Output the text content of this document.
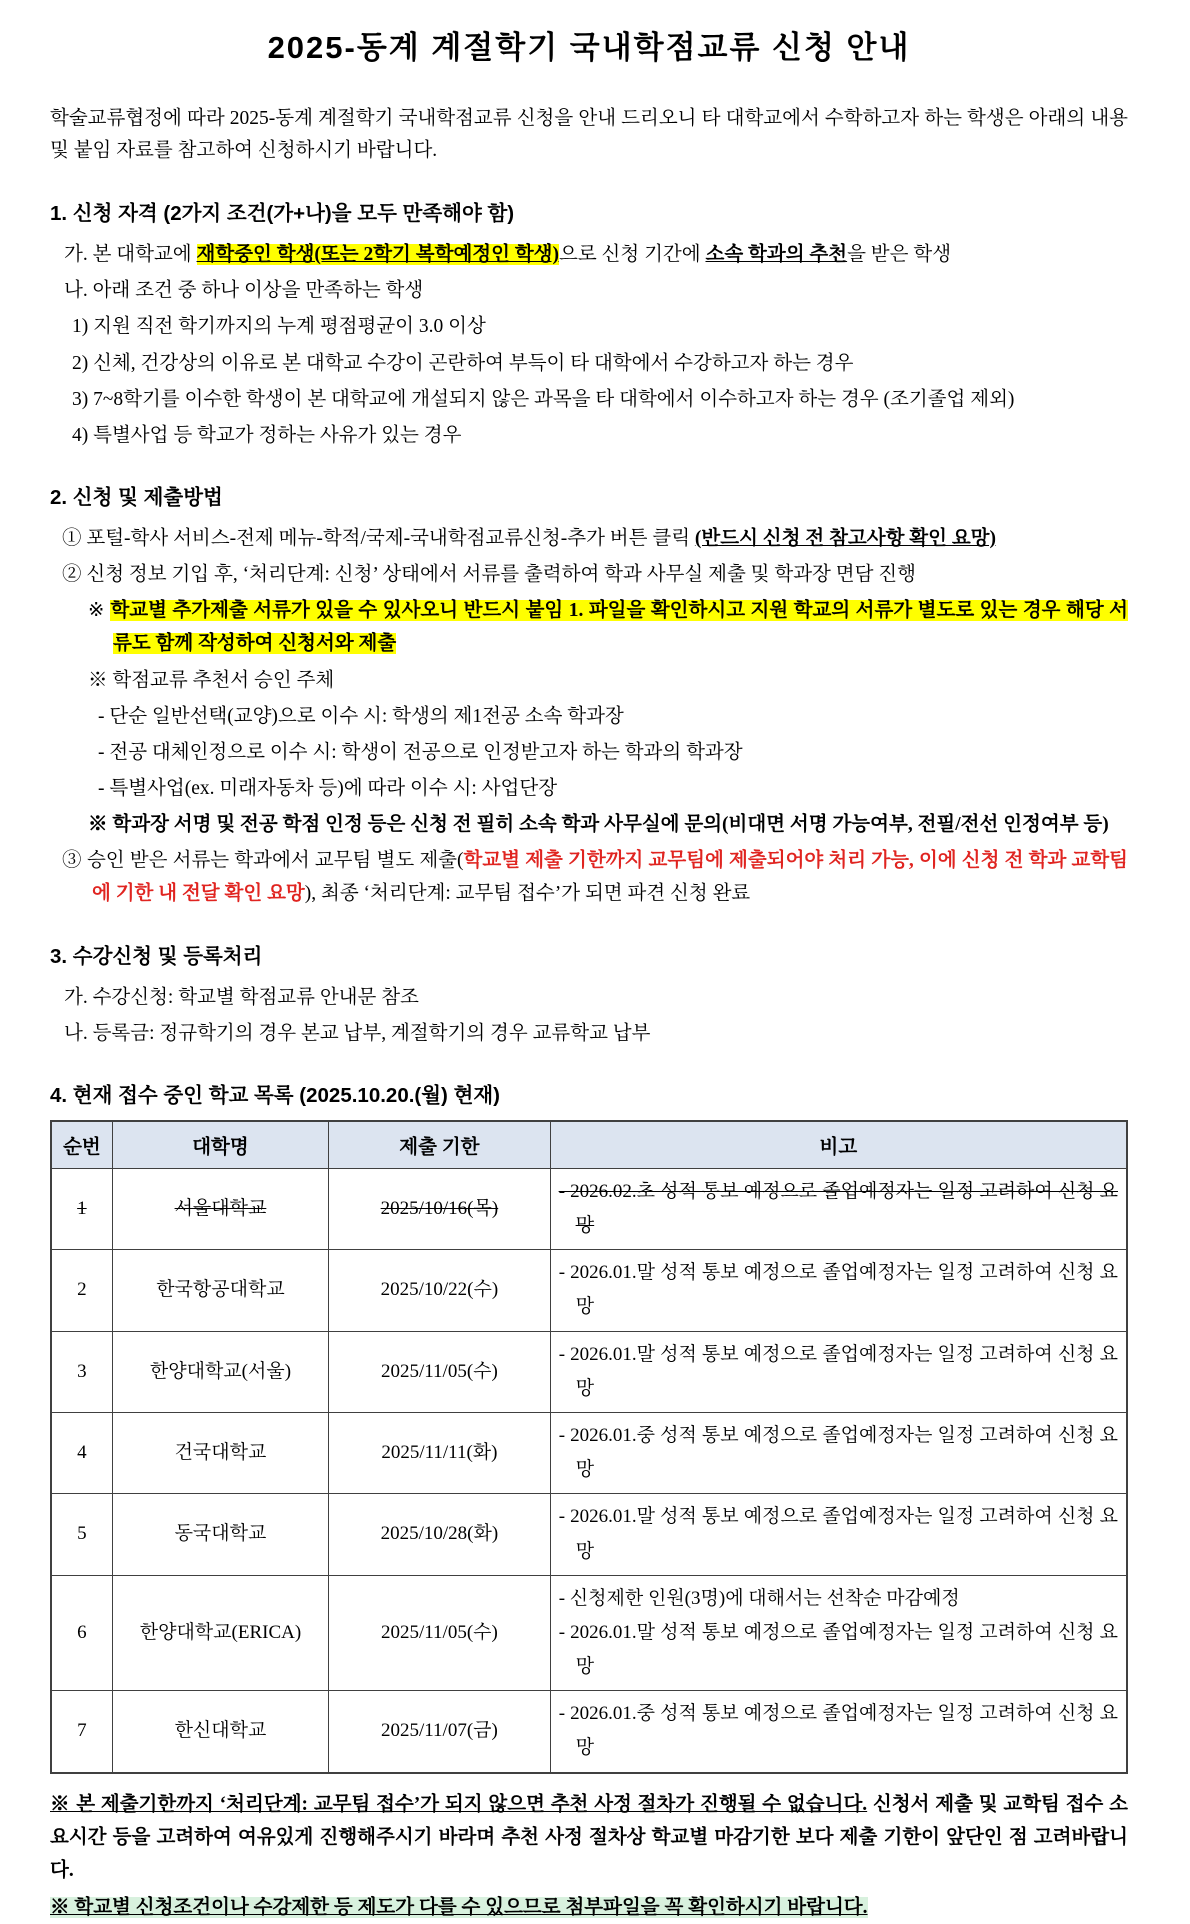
2025-동계 계절학기 국내학점교류 신청 안내

학술교류협정에 따라 2025-동계 계절학기 국내학점교류 신청을 안내 드리오니 타 대학교에서 수학하고자 하는 학생은 아래의 내용 및 붙임 자료를 참고하여 신청하시기 바랍니다.

1. 신청 자격 (2가지 조건(가+나)을 모두 만족해야 함)
가. 본 대학교에 재학중인 학생(또는 2학기 복학예정인 학생)으로 신청 기간에 소속 학과의 추천을 받은 학생
나. 아래 조건 중 하나 이상을 만족하는 학생
1) 지원 직전 학기까지의 누계 평점평균이 3.0 이상
2) 신체, 건강상의 이유로 본 대학교 수강이 곤란하여 부득이 타 대학에서 수강하고자 하는 경우
3) 7~8학기를 이수한 학생이 본 대학교에 개설되지 않은 과목을 타 대학에서 이수하고자 하는 경우 (조기졸업 제외)
4) 특별사업 등 학교가 정하는 사유가 있는 경우
2. 신청 및 제출방법
① 포털-학사 서비스-전제 메뉴-학적/국제-국내학점교류신청-추가 버튼 클릭 (반드시 신청 전 참고사항 확인 요망)
② 신청 정보 기입 후, ‘처리단계: 신청’ 상태에서 서류를 출력하여 학과 사무실 제출 및 학과장 면담 진행
※ 학교별 추가제출 서류가 있을 수 있사오니 반드시 붙임 1. 파일을 확인하시고 지원 학교의 서류가 별도로 있는 경우 해당 서류도 함께 작성하여 신청서와 제출
※ 학점교류 추천서 승인 주체
- 단순 일반선택(교양)으로 이수 시: 학생의 제1전공 소속 학과장
- 전공 대체인정으로 이수 시: 학생이 전공으로 인정받고자 하는 학과의 학과장
- 특별사업(ex. 미래자동차 등)에 따라 이수 시: 사업단장
※ 학과장 서명 및 전공 학점 인정 등은 신청 전 필히 소속 학과 사무실에 문의(비대면 서명 가능여부, 전필/전선 인정여부 등)
③ 승인 받은 서류는 학과에서 교무팀 별도 제출(학교별 제출 기한까지 교무팀에 제출되어야 처리 가능, 이에 신청 전 학과 교학팀에 기한 내 전달 확인 요망), 최종 ‘처리단계: 교무팀 접수’가 되면 파견 신청 완료
3. 수강신청 및 등록처리
가. 수강신청: 학교별 학점교류 안내문 참조
나. 등록금: 정규학기의 경우 본교 납부, 계절학기의 경우 교류학교 납부
4. 현재 접수 중인 학교 목록 (2025.10.20.(월) 현재)
순번	대학명	제출 기한	비고
1	서울대학교	2025/10/16(목)	- 2026.02.초 성적 통보 예정으로 졸업예정자는 일정 고려하여 신청 요망

2	한국항공대학교	2025/10/22(수)	- 2026.01.말 성적 통보 예정으로 졸업예정자는 일정 고려하여 신청 요망

3	한양대학교(서울)	2025/11/05(수)	- 2026.01.말 성적 통보 예정으로 졸업예정자는 일정 고려하여 신청 요망

4	건국대학교	2025/11/11(화)	- 2026.01.중 성적 통보 예정으로 졸업예정자는 일정 고려하여 신청 요망

5	동국대학교	2025/10/28(화)	- 2026.01.말 성적 통보 예정으로 졸업예정자는 일정 고려하여 신청 요망

6	한양대학교(ERICA)	2025/11/05(수)	- 신청제한 인원(3명)에 대해서는 선착순 마감예정
- 2026.01.말 성적 통보 예정으로 졸업예정자는 일정 고려하여 신청 요망

7	한신대학교	2025/11/07(금)	- 2026.01.중 성적 통보 예정으로 졸업예정자는 일정 고려하여 신청 요망

※ 본 제출기한까지 ‘처리단계: 교무팀 접수’가 되지 않으면 추천 사정 절차가 진행될 수 없습니다. 신청서 제출 및 교학팀 접수 소요시간 등을 고려하여 여유있게 진행해주시기 바라며 추천 사정 절차상 학교별 마감기한 보다 제출 기한이 앞단인 점 고려바랍니다.

※ 학교별 신청조건이나 수강제한 등 제도가 다를 수 있으므로 첨부파일을 꼭 확인하시기 바랍니다.
